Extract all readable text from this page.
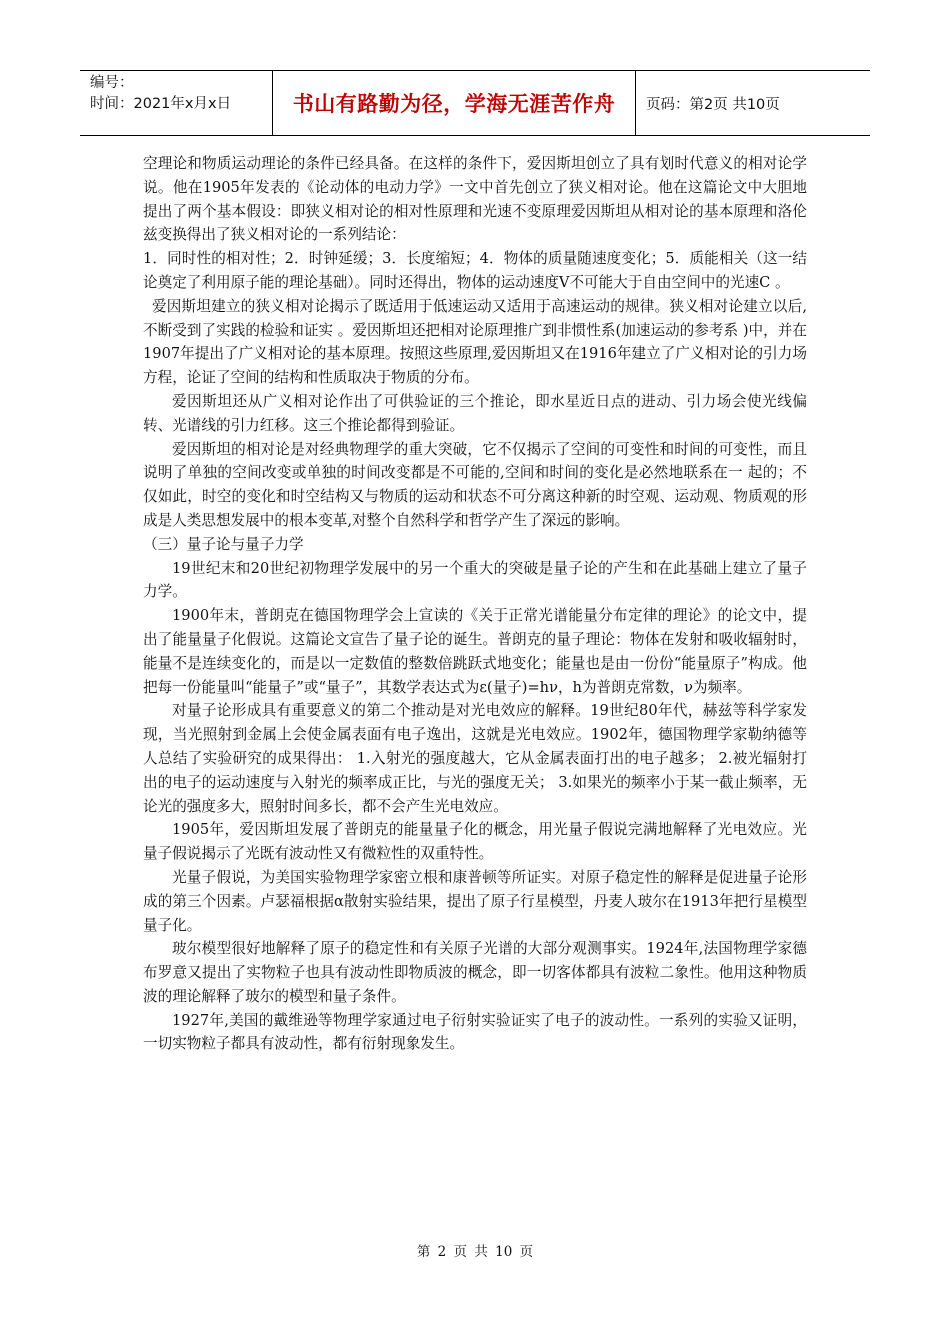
编号：
时间：2021年x月x日	书山有路勤为径，学海无涯苦作舟	页码：第2页 共10页

空理论和物质运动理论的条件已经具备。在这样的条件下，爱因斯坦创立了具有划时代意义的相对论学说。他在1905年发表的《论动体的电动力学》一文中首先创立了狭义相对论。他在这篇论文中大胆地提出了两个基本假设：即狭义相对论的相对性原理和光速不变原理爱因斯坦从相对论的基本原理和洛伦兹变换得出了狭义相对论的一系列结论：

1．同时性的相对性；2．时钟延缓；3．长度缩短；4．物体的质量随速度变化；5．质能相关（这一结论奠定了利用原子能的理论基础）。同时还得出，物体的运动速度V不可能大于自由空间中的光速C 。

爱因斯坦建立的狭义相对论揭示了既适用于低速运动又适用于高速运动的规律。狭义相对论建立以后,不断受到了实践的检验和证实 。爱因斯坦还把相对论原理推广到非惯性系(加速运动的参考系 )中，并在1907年提出了广义相对论的基本原理。按照这些原理,爱因斯坦又在1916年建立了广义相对论的引力场方程，论证了空间的结构和性质取决于物质的分布。

爱因斯坦还从广义相对论作出了可供验证的三个推论，即水星近日点的进动、引力场会使光线偏转、光谱线的引力红移。这三个推论都得到验证。

爱因斯坦的相对论是对经典物理学的重大突破，它不仅揭示了空间的可变性和时间的可变性，而且说明了单独的空间改变或单独的时间改变都是不可能的,空间和时间的变化是必然地联系在一 起的；不仅如此，时空的变化和时空结构又与物质的运动和状态不可分离这种新的时空观、运动观、物质观的形成是人类思想发展中的根本变革,对整个自然科学和哲学产生了深远的影响。

（三）量子论与量子力学

19世纪末和20世纪初物理学发展中的另一个重大的突破是量子论的产生和在此基础上建立了量子力学。

1900年末，普朗克在德国物理学会上宣读的《关于正常光谱能量分布定律的理论》的论文中，提出了能量量子化假说。这篇论文宣告了量子论的诞生。普朗克的量子理论：物体在发射和吸收辐射时，能量不是连续变化的，而是以一定数值的整数倍跳跃式地变化；能量也是由一份份“能量原子”构成。他把每一份能量叫“能量子”或“量子”，其数学表达式为ε(量子)=hν，h为普朗克常数，ν为频率。

对量子论形成具有重要意义的第二个推动是对光电效应的解释。19世纪80年代，赫兹等科学家发现，当光照射到金属上会使金属表面有电子逸出，这就是光电效应。1902年，德国物理学家勒纳德等人总结了实验研究的成果得出： 1.入射光的强度越大，它从金属表面打出的电子越多； 2.被光辐射打出的电子的运动速度与入射光的频率成正比，与光的强度无关； 3.如果光的频率小于某一截止频率，无论光的强度多大，照射时间多长，都不会产生光电效应。

1905年，爱因斯坦发展了普朗克的能量量子化的概念，用光量子假说完满地解释了光电效应。光量子假说揭示了光既有波动性又有微粒性的双重特性。

光量子假说，为美国实验物理学家密立根和康普顿等所证实。对原子稳定性的解释是促进量子论形成的第三个因素。卢瑟福根据α散射实验结果，提出了原子行星模型，丹麦人玻尔在1913年把行星模型量子化。

玻尔模型很好地解释了原子的稳定性和有关原子光谱的大部分观测事实。1924年,法国物理学家德布罗意又提出了实物粒子也具有波动性即物质波的概念，即一切客体都具有波粒二象性。他用这种物质波的理论解释了玻尔的模型和量子条件。

1927年,美国的戴维逊等物理学家通过电子衍射实验证实了电子的波动性。一系列的实验又证明，一切实物粒子都具有波动性，都有衍射现象发生。

第 2 页 共 10 页
